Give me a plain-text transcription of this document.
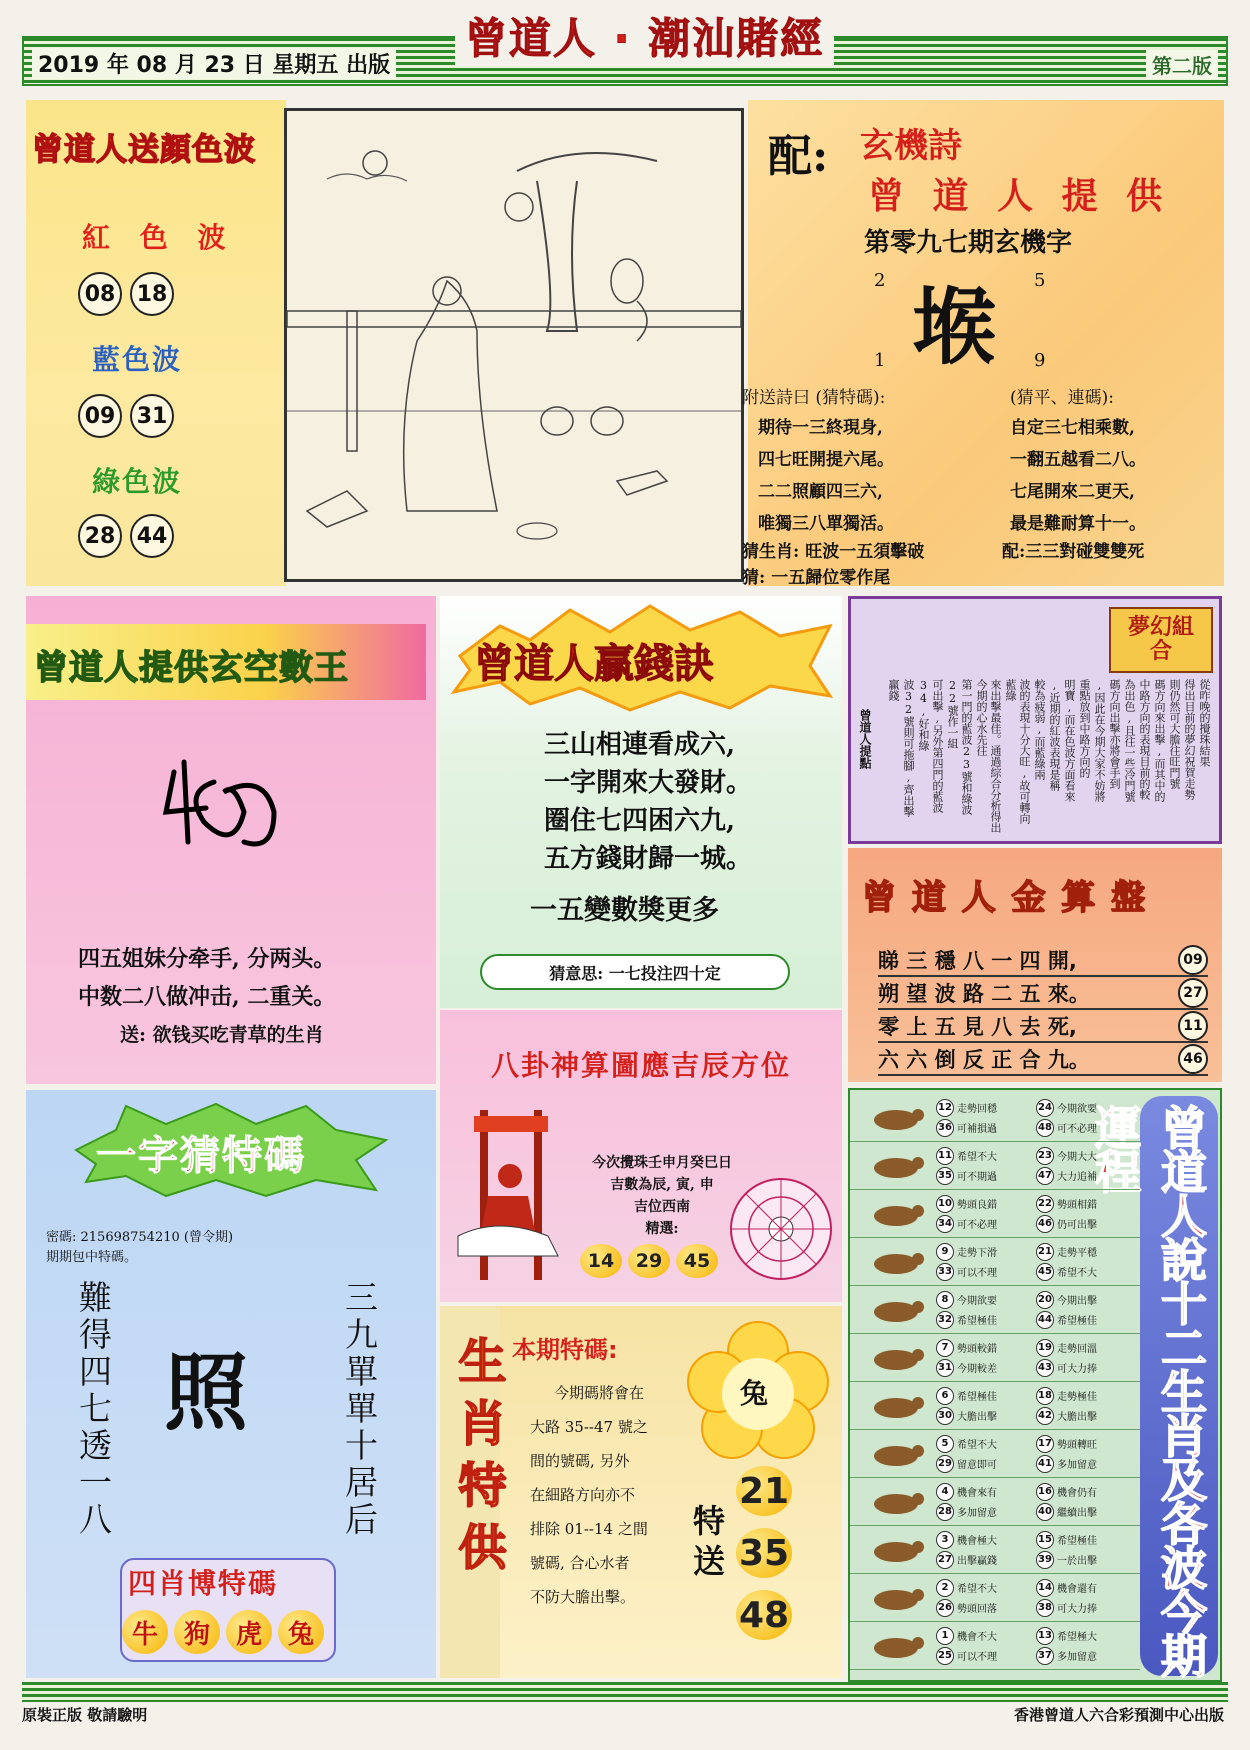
2019 年 08 月 23 日 星期五 出版	第二版
曾道人 · 潮汕賭經
曾道人送顏色波
紅 色 波
08 18
藍色波
09 31
綠色波
28 44
配: 玄機詩
曾 道 人 提 供
第零九七期玄機字
2	5
1	9
堠
附送詩曰 (猜特碼):	(猜平、連碼):
期待一三終現身,
四七旺開提六尾。
二二照顧四三六,
唯獨三八單獨活。
自定三七相乘數,
一翻五越看二八。
七尾開來二更天,
最是難耐算十一。
猜生肖: 旺波一五須擊破	配:三三對碰雙雙死
猜: 一五歸位零作尾
曾道人提供玄空數王
四五姐妹分牵手, 分两头。
中数二八做冲击, 二重关。
送: 欲钱买吃青草的生肖
曾道人贏錢訣
三山相連看成六,
一字開來大發財。
圈住七四困六九,
五方錢財歸一城。
一五變數獎更多
猜意思:
一七投注四十定
夢幻組合
從昨晚的攪珠結果
得出目前的夢幻祝賀走勢
則仍然可大膽往旺門號
碼方向來出擊,而其中的
中路方向的表現目前的較
為出色,且往一些冷門號
碼方向出擊亦將會手到
,因此在今期大家不妨將
重點放到中路方向的
明寶,而在色波方面看來
,近期的紅波表現是稱
較為疲弱,而藍綠兩
波的表現十分大旺,故可轉向藍綠
來出擊最佳。通過綜合分析得出今期的心水先往
第一門的藍波23號和綠波22號作一組
可出擊,另外第四門的藍波34,好和綠
波32號則可拖腳,齊出擊
贏錢
曾道人提點
曾 道 人 金 算 盤
睇 三 穩 八 一 四 開,	09
朔 望 波 路 二 五 來。	27
零 上 五 見 八 去 死,	11
六 六 倒 反 正 合 九。	46
八卦神算圖應吉辰方位
今次攪珠壬申月癸巳日
吉數為辰, 寅, 申
吉位西南
精選:
14	29	45
一字猜特碼
密碼: 215698754210 (曾令期)
期期包中特碼。
難得四七透一八 照	三九單單十居后
四肖博特碼
牛 狗 虎 兔
生肖特供 本期特碼:
今期碼將會在
大路 35--47 號之
間的號碼, 另外
在細路方向亦不
排除 01--14 之間
號碼, 合心水者
不防大膽出擊。
兔
特送
21
35
48	曾道人說十二生肖及各波今期運程
12 走勢回穩
36 可補損過
24 今期欲要
48 可不必理
11 希望不大
35 可不期過
23 今期大大
47 大力追補
10 勢頭良錯
34 可不必理
22 勢頭相錯
46 仍可出擊
9 走勢下滑
33 可以不理
21 走勢平穩
45 希望不大
8 今期欲要
32 希望極佳
20 今期出擊
44 希望極佳
7 勢頭較錯
31 今期較差
19 走勢回溫
43 可大力捧
6 希望極佳
30 大膽出擊
18 走勢極佳
42 大膽出擊
5 希望不大
29 留意即可
17 勢頭轉旺
41 多加留意
4 機會來有
28 多加留意
16 機會仍有
40 繼續出擊
3 機會極大
27 出擊贏錢
15 希望極佳
39 一於出擊
2 希望不大
26 勢頭回落
14 機會還有
38 可大力捧
1 機會不大
25 可以不理
13 希望極大
37 多加留意
原裝正版 敬請驗明	香港曾道人六合彩預測中心出版
